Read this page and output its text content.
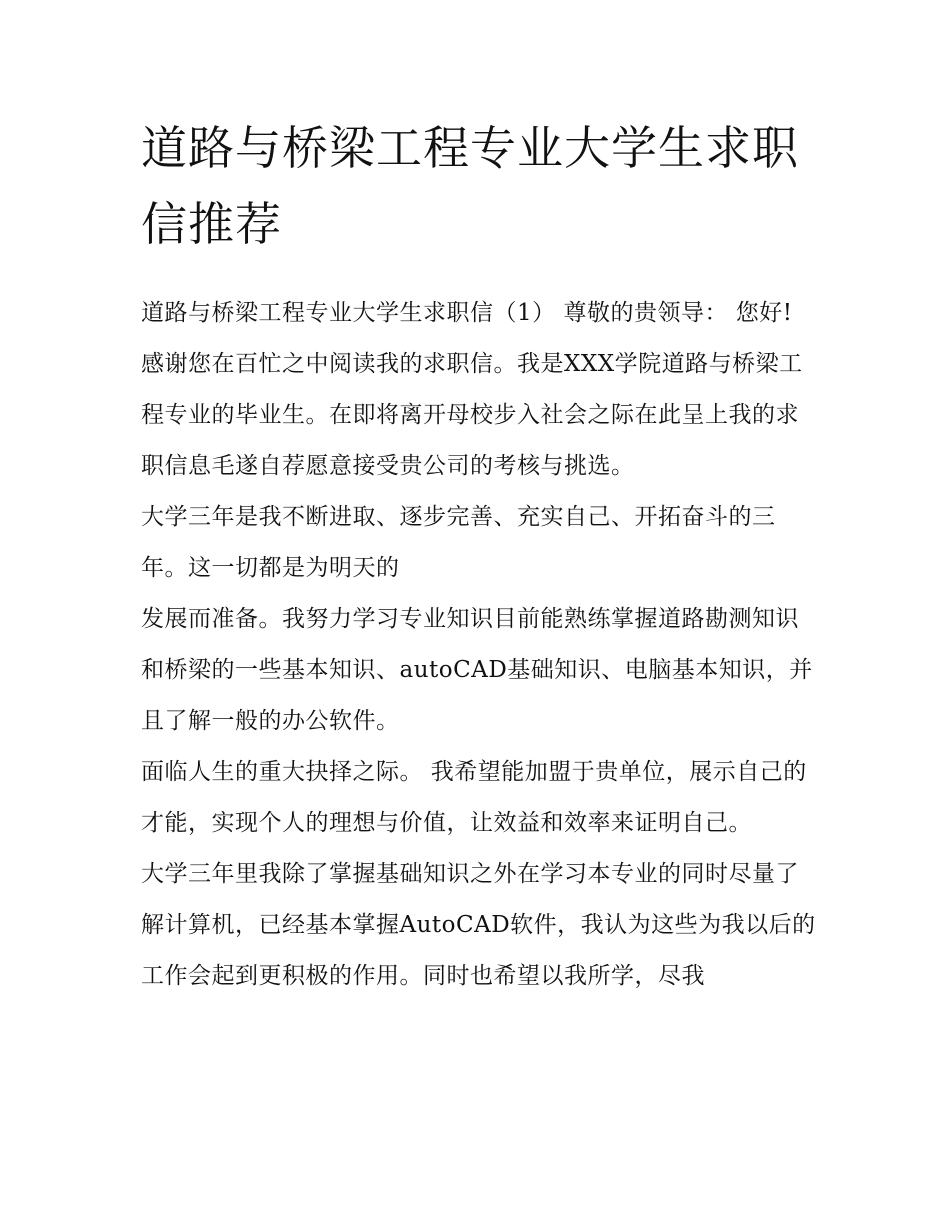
道路与桥梁工程专业大学生求职信推荐

道路与桥梁工程专业大学生求职信（1） 尊敬的贵领导： 您好!

感谢您在百忙之中阅读我的求职信。我是XXX学院道路与桥梁工程专业的毕业生。在即将离开母校步入社会之际在此呈上我的求职信息毛遂自荐愿意接受贵公司的考核与挑选。

大学三年是我不断进取、逐步完善、充实自己、开拓奋斗的三年。这一切都是为明天的

发展而准备。我努力学习专业知识目前能熟练掌握道路勘测知识和桥梁的一些基本知识、autoCAD基础知识、电脑基本知识，并且了解一般的办公软件。

面临人生的重大抉择之际。 我希望能加盟于贵单位，展示自己的才能，实现个人的理想与价值，让效益和效率来证明自己。

大学三年里我除了掌握基础知识之外在学习本专业的同时尽量了解计算机，已经基本掌握AutoCAD软件，我认为这些为我以后的工作会起到更积极的作用。同时也希望以我所学，尽我
